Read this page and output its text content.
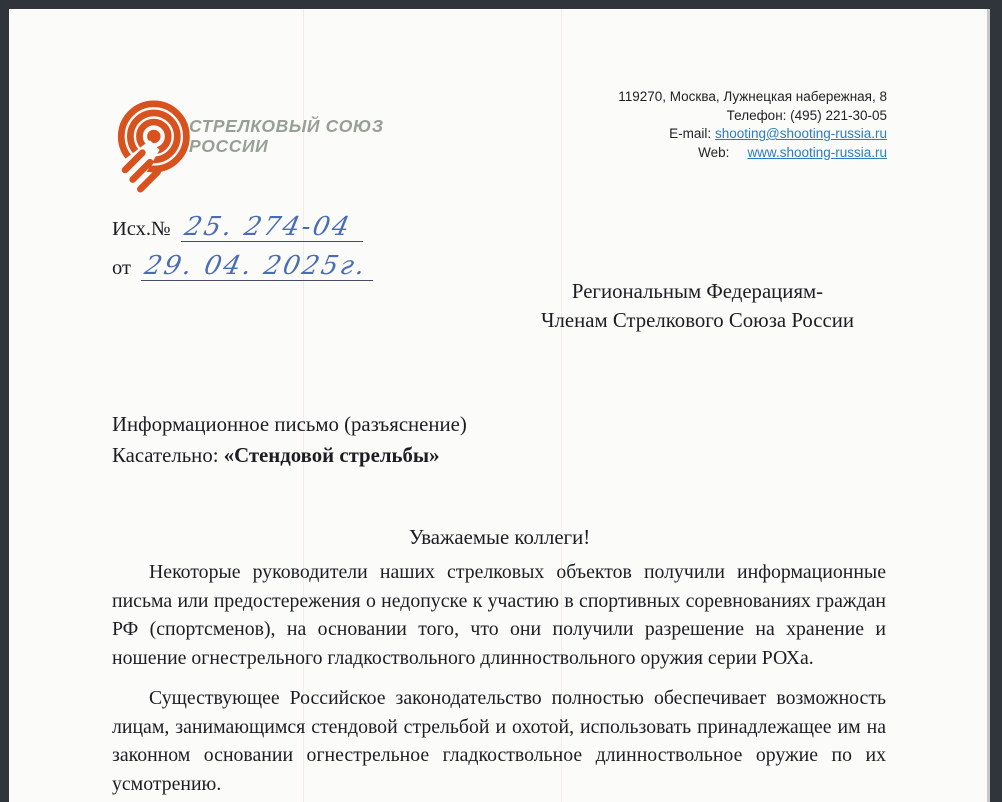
СТРЕЛКОВЫЙ СОЮЗ
РОССИИ
119270, Москва, Лужнецкая набережная, 8
Телефон: (495) 221-30-05
E-mail: shooting@shooting-russia.ru
Web: www.shooting-russia.ru
Исх.№ 25. 274-04
от 29. 04. 2025г.
Региональным Федерациям-
Членам Стрелкового Союза России
Информационное письмо (разъяснение)
Касательно: «Стендовой стрельбы»
Уважаемые коллеги!

Некоторые руководители наших стрелковых объектов получили информационные письма или предостережения о недопуске к участию в спортивных соревнованиях граждан РФ (спортсменов), на основании того, что они получили разрешение на хранение и ношение огнестрельного гладкоствольного длинноствольного оружия серии РОХа.

Существующее Российское законодательство полностью обеспечивает возможность лицам, занимающимся стендовой стрельбой и охотой, использовать принадлежащее им на законном основании огнестрельное гладкоствольное длинноствольное оружие по их усмотрению.
